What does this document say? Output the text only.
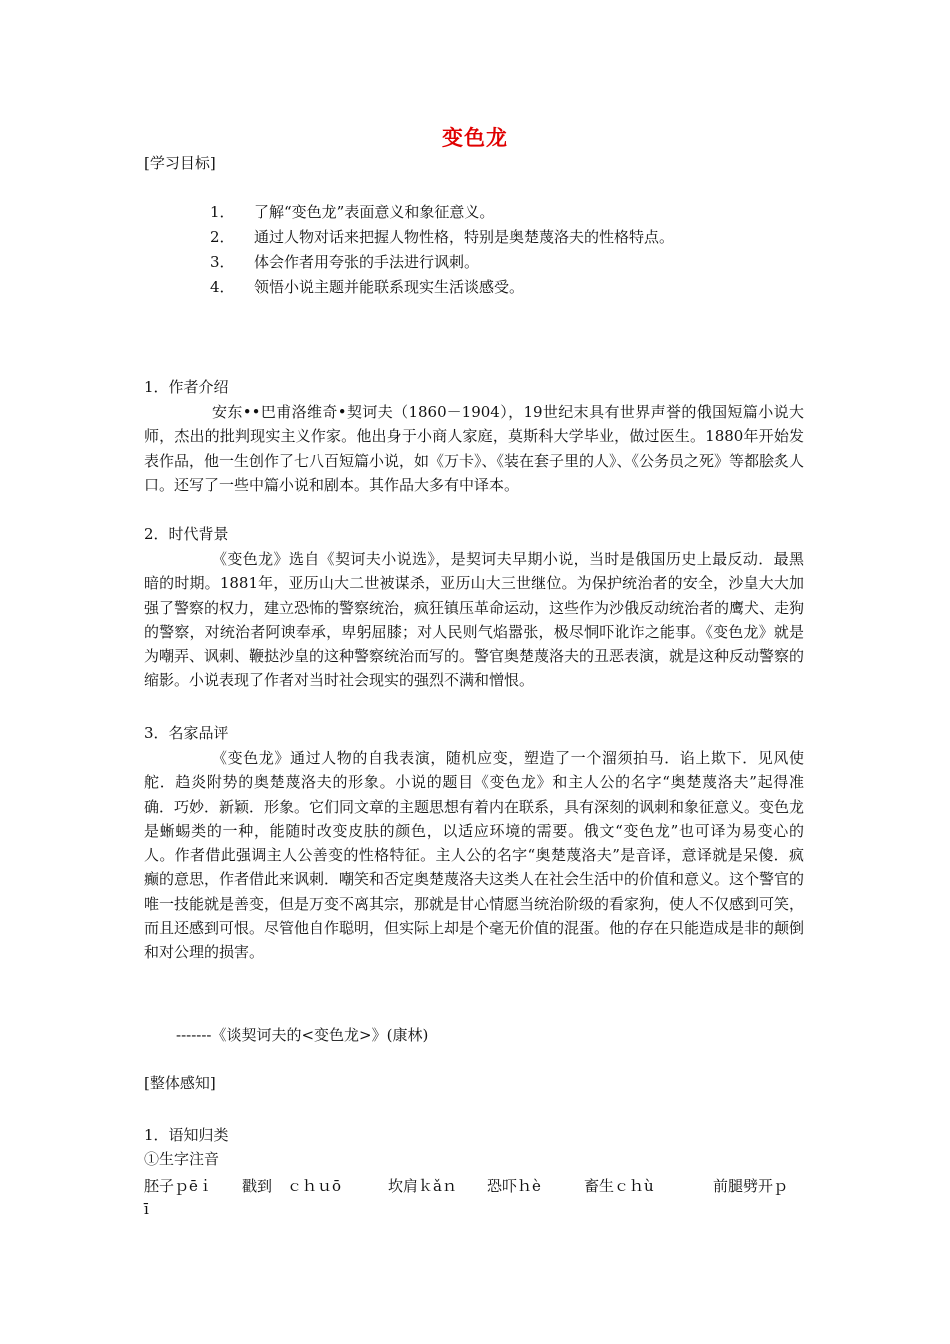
变色龙
[学习目标]
1． 了解“变色龙”表面意义和象征意义。
2． 通过人物对话来把握人物性格，特别是奥楚蔑洛夫的性格特点。
3． 体会作者用夸张的手法进行讽刺。
4． 领悟小说主题并能联系现实生活谈感受。
1．作者介绍
安东••巴甫洛维奇•契诃夫（1860－1904），19世纪末具有世界声誉的俄国短篇小说大师，杰出的批判现实主义作家。他出身于小商人家庭，莫斯科大学毕业，做过医生。1880年开始发表作品，他一生创作了七八百短篇小说，如《万卡》、《装在套子里的人》、《公务员之死》等都脍炙人口。还写了一些中篇小说和剧本。其作品大多有中译本。
2．时代背景
《变色龙》选自《契诃夫小说选》，是契诃夫早期小说，当时是俄国历史上最反动．最黑暗的时期。1881年，亚历山大二世被谋杀，亚历山大三世继位。为保护统治者的安全，沙皇大大加强了警察的权力，建立恐怖的警察统治，疯狂镇压革命运动，这些作为沙俄反动统治者的鹰犬、走狗的警察，对统治者阿谀奉承，卑躬屈膝；对人民则气焰嚣张，极尽恫吓讹诈之能事。《变色龙》就是为嘲弄、讽刺、鞭挞沙皇的这种警察统治而写的。警官奥楚蔑洛夫的丑恶表演，就是这种反动警察的缩影。小说表现了作者对当时社会现实的强烈不满和憎恨。
3．名家品评
《变色龙》通过人物的自我表演，随机应变，塑造了一个溜须拍马．谄上欺下．见风使舵．趋炎附势的奥楚蔑洛夫的形象。小说的题目《变色龙》和主人公的名字“奥楚蔑洛夫”起得准确．巧妙．新颖．形象。它们同文章的主题思想有着内在联系，具有深刻的讽刺和象征意义。变色龙是蜥蜴类的一种，能随时改变皮肤的颜色，以适应环境的需要。俄文“变色龙”也可译为易变心的人。作者借此强调主人公善变的性格特征。主人公的名字“奥楚蔑洛夫”是音译，意译就是呆傻．疯癫的意思，作者借此来讽刺．嘲笑和否定奥楚蔑洛夫这类人在社会生活中的价值和意义。这个警官的唯一技能就是善变，但是万变不离其宗，那就是甘心情愿当统治阶级的看家狗，使人不仅感到可笑，而且还感到可恨。尽管他自作聪明，但实际上却是个毫无价值的混蛋。他的存在只能造成是非的颠倒和对公理的损害。
-------《谈契诃夫的<变色龙>》(康林)
[整体感知]
1．语知归类
①生字注音
胚子ｐēｉ 戳到　ｃｈｕō	坎肩ｋǎｎ 恐吓ｈè	畜生ｃｈù	前腿劈开ｐ
ī
